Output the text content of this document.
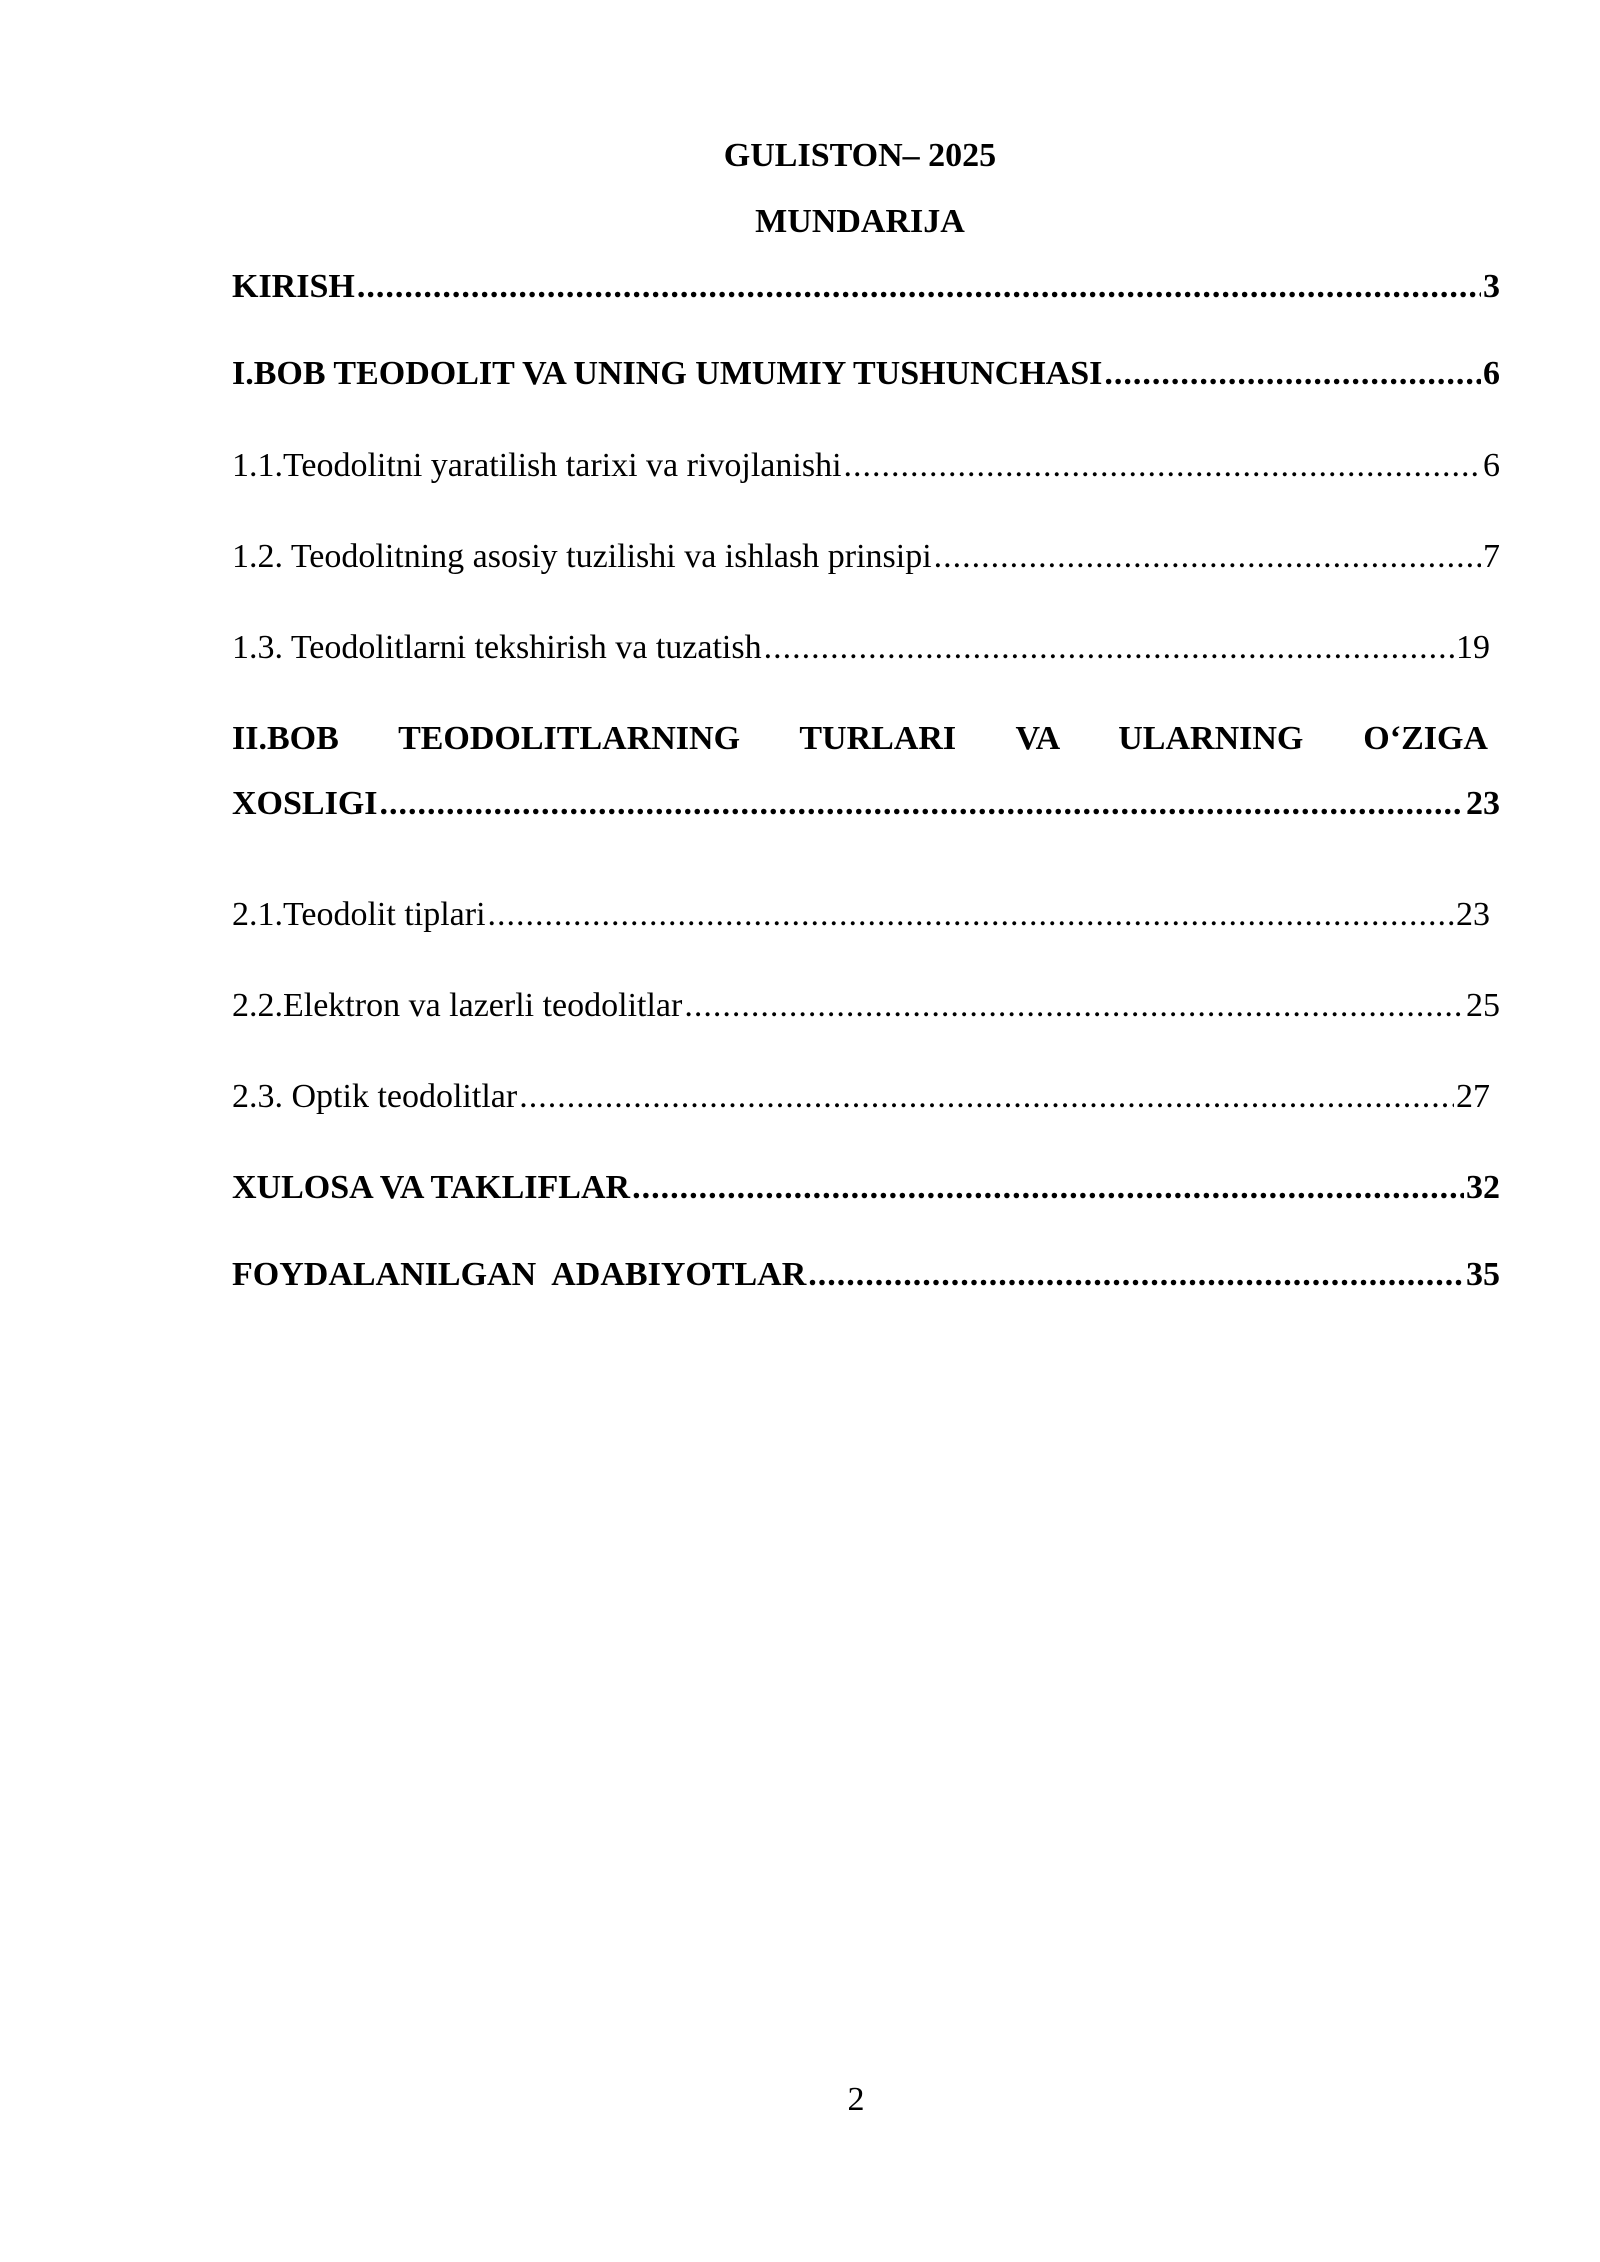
GULISTON– 2025
MUNDARIJA
KIRISH .....	3
I.BOB TEODOLIT VA UNING UMUMIY TUSHUNCHASI .....	6
1.1.Teodolitni yaratilish tarixi va rivojlanishi .....	6
1.2. Teodolitning asosiy tuzilishi va ishlash prinsipi .....	7
1.3. Teodolitlarni tekshirish va tuzatish .....	19
II.BOB TEODOLITLARNING TURLARI VA ULARNING O‘ZIGA
XOSLIGI .....	23
2.1.Teodolit tiplari .....	23
2.2.Elektron va lazerli teodolitlar .....	25
2.3. Optik teodolitlar .....	27
XULOSA VA TAKLIFLAR .....	32
FOYDALANILGAN  ADABIYOTLAR .....	35
2
